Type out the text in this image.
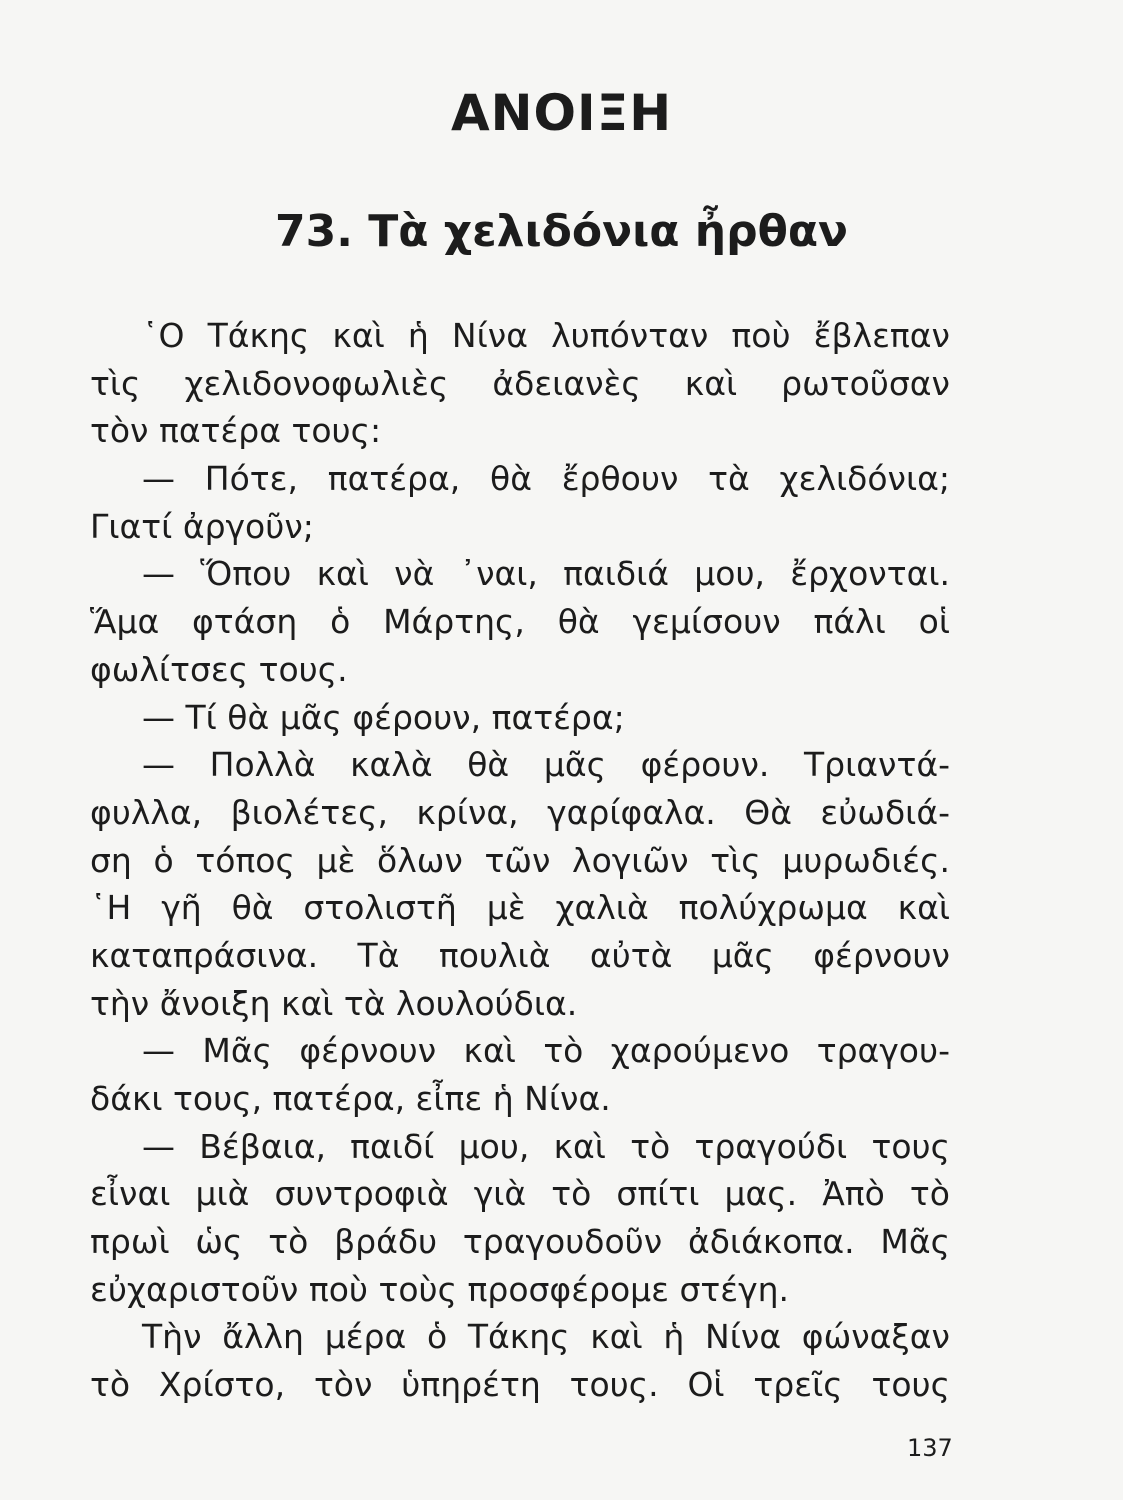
ΑΝΟΙΞΗ
73. Τὰ χελιδόνια ἦρθαν
῾Ο Τάκης καὶ ἡ Νίνα λυπόνταν ποὺ ἔβλεπαν
τὶς χελιδονοφωλιὲς ἀδειανὲς καὶ ρωτοῦσαν
τὸν πατέρα τους:
— Πότε, πατέρα, θὰ ἔρθουν τὰ χελιδόνια;
Γιατί ἀργοῦν;
— Ὅπου καὶ νὰ ᾽ναι, παιδιά μου, ἔρχονται.
Ἅμα φτάση ὁ Μάρτης, θὰ γεμίσουν πάλι οἱ
φωλίτσες τους.
— Τί θὰ μᾶς φέρουν, πατέρα;
— Πολλὰ καλὰ θὰ μᾶς φέρουν. Τριαντά-
φυλλα, βιολέτες, κρίνα, γαρίφαλα. Θὰ εὐωδιά-
ση ὁ τόπος μὲ ὅλων τῶν λογιῶν τὶς μυρωδιές.
῾Η γῆ θὰ στολιστῆ μὲ χαλιὰ πολύχρωμα καὶ
καταπράσινα. Τὰ πουλιὰ αὐτὰ μᾶς φέρνουν
τὴν ἄνοιξη καὶ τὰ λουλούδια.
— Μᾶς φέρνουν καὶ τὸ χαρούμενο τραγου-
δάκι τους, πατέρα, εἶπε ἡ Νίνα.
— Βέβαια, παιδί μου, καὶ τὸ τραγούδι τους
εἶναι μιὰ συντροφιὰ γιὰ τὸ σπίτι μας. Ἀπὸ τὸ
πρωὶ ὡς τὸ βράδυ τραγουδοῦν ἀδιάκοπα. Μᾶς
εὐχαριστοῦν ποὺ τοὺς προσφέρομε στέγη.
Τὴν ἄλλη μέρα ὁ Τάκης καὶ ἡ Νίνα φώναξαν
τὸ Χρίστο, τὸν ὑπηρέτη τους. Οἱ τρεῖς τους
137
